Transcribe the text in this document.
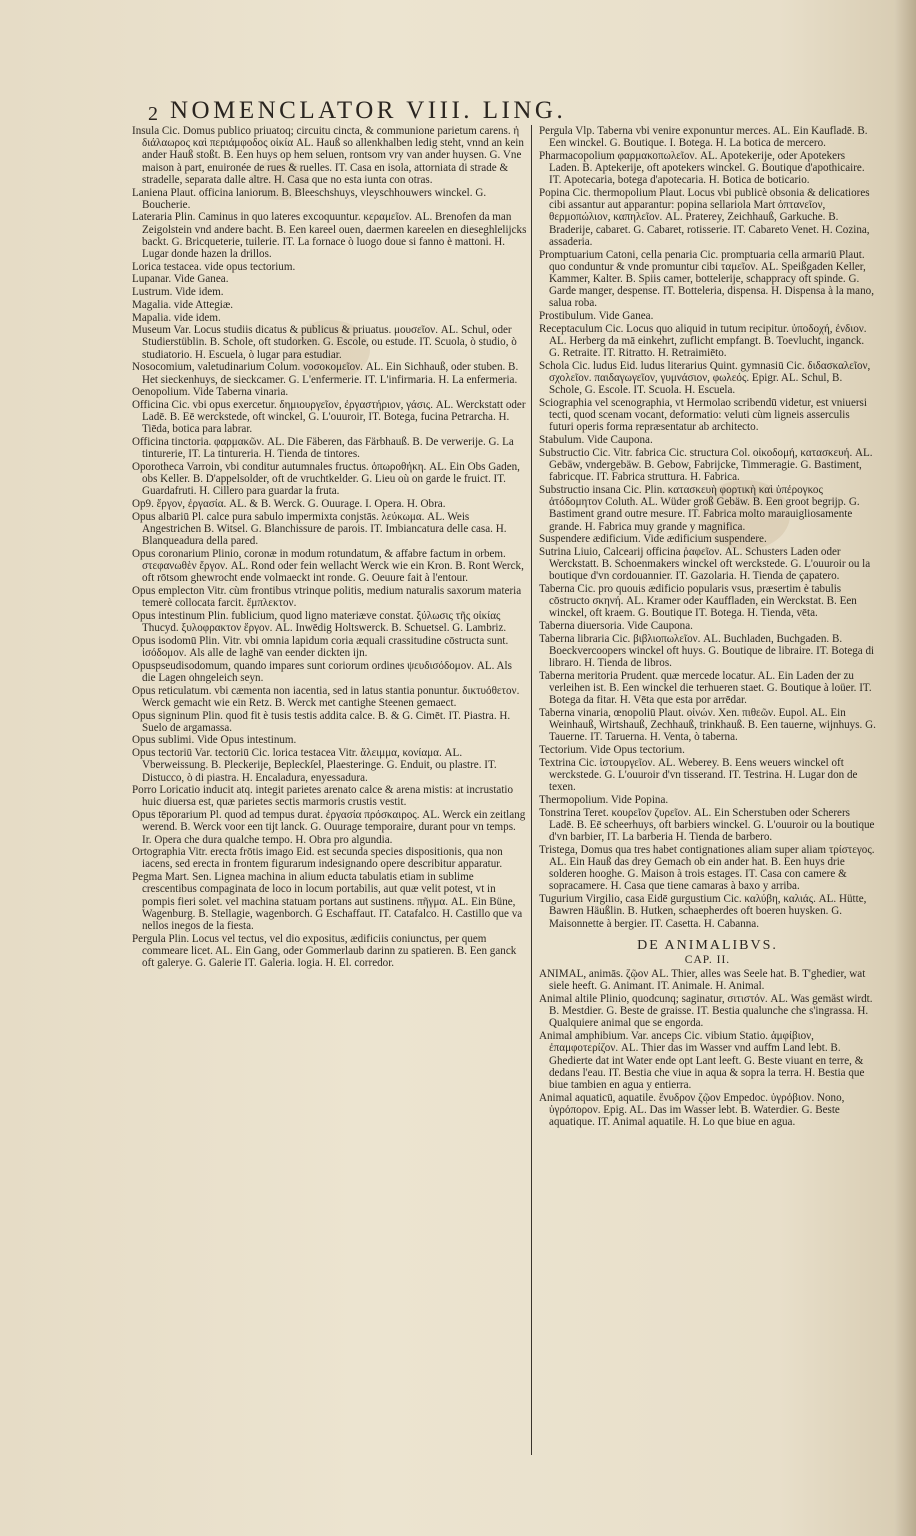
2 NOMENCLATOR VIII. LING.

Insula Cic. Domus publico priuatoq; circuitu cincta, & communione parietum carens. ἡ διάλαωρος καὶ περιάμφοδος οἰκία AL. Hauß so allenkhalben ledig steht, vnnd an kein ander Hauß stoßt. B. Een huys op hem seluen, rontsom vry van ander huysen. G. Vne maison à part, enuironée de rues & ruelles. IT. Casa en isola, attorniata di strade & stradelle, separata dalle altre. H. Casa que no esta iunta con otras.

Laniena Plaut. officina laniorum. B. Bleeschshuys, vleyschhouwers winckel. G. Boucherie.

Lateraria Plin. Caminus in quo lateres excoquuntur. κεραμεῖον. AL. Brenofen da man Zeigolstein vnd andere bacht. B. Een kareel ouen, daermen kareelen en dieseghlelijcks backt. G. Bricqueterie, tuilerie. IT. La fornace ò luogo doue si fanno è mattoni. H. Lugar donde hazen la drillos.

Lorica testacea. vide opus tectorium.

Lupanar. Vide Ganea.

Lustrum. Vide idem.

Magalia. vide Attegiæ.

Mapalia. vide idem.

Museum Var. Locus studiis dicatus & publicus & priuatus. μουσεῖον. AL. Schul, oder Studierstüblin. B. Schole, oft studorken. G. Escole, ou estude. IT. Scuola, ò studio, ò studiatorio. H. Escuela, ò lugar para estudiar.

Nosocomium, valetudinarium Colum. νοσοκομεῖον. AL. Ein Sichhauß, oder stuben. B. Het sieckenhuys, de sieckcamer. G. L'enfermerie. IT. L'infirmaria. H. La enfermeria.

Oenopolium. Vide Taberna vinaria.

Officina Cic. vbi opus exercetur. δημιουργεῖον, ἐργαστήριον, γάσις. AL. Werckstatt oder Ladē. B. Eē werckstede, oft winckel, G. L'ouuroir, IT. Botega, fucina Petrarcha. H. Tiēda, botica para labrar.

Officina tinctoria. φαρμακῶν. AL. Die Fäberen, das Färbhauß. B. De verwerije. G. La tinturerie, IT. La tintureria. H. Tienda de tintores.

Oporotheca Varroin, vbi conditur autumnales fructus. ὀπωροθήκη. AL. Ein Obs Gaden, obs Keller. B. D'appelsolder, oft de vruchtkelder. G. Lieu où on garde le fruict. IT. Guardafruti. H. Cillero para guardar la fruta.

Op9. ἔργον, ἐργασία. AL. & B. Werck. G. Ouurage. I. Opera. H. Obra.

Opus albariū Pl. calce pura sabulo impermixta conjstās. λεύκωμα. AL. Weis Angestrichen B. Witsel. G. Blanchissure de parois. IT. Imbiancatura delle casa. H. Blanqueadura della pared.

Opus coronarium Plinio, coronæ in modum rotundatum, & affabre factum in orbem. στεφανωθὲν ἔργον. AL. Rond oder fein wellacht Werck wie ein Kron. B. Ront Werck, oft rōtsom ghewrocht ende volmaeckt int ronde. G. Oeuure fait à l'entour.

Opus emplecton Vitr. cùm frontibus vtrinque politis, medium naturalis saxorum materia temerè collocata farcit. ἔμπλεκτον.

Opus intestinum Plin. fublicium, quod ligno materiæve constat. ξύλωσις τῆς οἰκίας Thucyd. ξυλοφρακτον ἔργον. AL. Inwēdig Holtswerck. B. Schuetsel. G. Lambriz.

Opus isodomū Plin. Vitr. vbi omnia lapidum coria æquali crassitudine cōstructa sunt. ἰσόδομον. Als alle de laghē van eender dickten ijn.

Opuspseudisodomum, quando impares sunt coriorum ordines ψευδισόδομον. AL. Als die Lagen ohngeleich seyn.

Opus reticulatum. vbi cæmenta non iacentia, sed in latus stantia ponuntur. δικτυόθετον. Werck gemacht wie ein Retz. B. Werck met cantighe Steenen gemaect.

Opus signinum Plin. quod fit è tusis testis addita calce. B. & G. Cimēt. IT. Piastra. H. Suelo de argamassa.

Opus sublimi. Vide Opus intestinum.

Opus tectoriū Var. tectoriū Cic. lorica testacea Vitr. ἄλειμμα, κονίαμα. AL. Vberweissung. B. Pleckerije, Bepleckſel, Plaesteringe. G. Enduit, ou plastre. IT. Distucco, ò di piastra. H. Encaladura, enyessadura.

Porro Loricatio inducit atq. integit parietes arenato calce & arena mistis: at incrustatio huic diuersa est, quæ parietes sectis marmoris crustis vestit.

Opus tēporarium Pl. quod ad tempus durat. ἐργασία πρόσκαιρος. AL. Werck ein zeitlang werend. B. Werck voor een tijt lanck. G. Ouurage temporaire, durant pour vn temps. Ir. Opera che dura qualche tempo. H. Obra pro algundia.

Ortographia Vitr. erecta frōtis imago Eid. est secunda species dispositionis, qua non iacens, sed erecta in frontem figurarum indesignando opere describitur apparatur.

Pegma Mart. Sen. Lignea machina in alium educta tabulatis etiam in sublime crescentibus compaginata de loco in locum portabilis, aut quæ velit potest, vt in pompis fieri solet. vel machina statuam portans aut sustinens. πῆγμα. AL. Ein Büne, Wagenburg. B. Stellagie, wagenborch. G Eschaffaut. IT. Catafalco. H. Castillo que va nellos inegos de la fiesta.

Pergula Plin. Locus vel tectus, vel dio expositus, ædificiis coniunctus, per quem commeare licet. AL. Ein Gang, oder Gommerlaub darinn zu spatieren. B. Een ganck oft galerye. G. Galerie IT. Galeria. logia. H. El. corredor.

Pergula Vlp. Taberna vbi venire exponuntur merces. AL. Ein Kaufladē. B. Een winckel. G. Boutique. I. Botega. H. La botica de mercero.

Pharmacopolium φαρμακοπωλεῖον. AL. Apotekerije, oder Apotekers Laden. B. Aptekerije, oft apotekers winckel. G. Boutique d'apothicaire. IT. Apotecaria, botega d'apotecaria. H. Botica de boticario.

Popina Cic. thermopolium Plaut. Locus vbi publicè obsonia & delicatiores cibi assantur aut apparantur: popina sellariola Mart ὀπτανεῖον, θερμοπώλιον, καπηλεῖον. AL. Praterey, Zeichhauß, Garkuche. B. Braderije, cabaret. G. Cabaret, rotisserie. IT. Cabareto Venet. H. Cozina, assaderia.

Promptuarium Catoni, cella penaria Cic. promptuaria cella armariū Plaut. quo conduntur & vnde promuntur cibi ταμεῖον. AL. Speißgaden Keller, Kammer, Kalter. B. Spiis camer, bottelerije, schappracy oft spinde. G. Garde manger, despense. IT. Botteleria, dispensa. H. Dispensa à la mano, salua roba.

Prostibulum. Vide Ganea.

Receptaculum Cic. Locus quo aliquid in tutum recipitur. ὑποδοχή, ἐνδιον. AL. Herberg da mā einkehrt, zuflicht empfangt. B. Toevlucht, inganck. G. Retraite. IT. Ritratto. H. Retraimiēto.

Schola Cic. ludus Eid. ludus literarius Quint. gymnasiū Cic. διδασκαλεῖον, σχολεῖον. παιδαγωγεῖον, γυμνάσιον, φωλεός. Epigr. AL. Schul, B. Schole, G. Escole. IT. Scuola. H. Escuela.

Sciographia vel scenographia, vt Hermolao scribendū videtur, est vniuersi tecti, quod scenam vocant, deformatio: veluti cùm ligneis asserculis futuri operis forma repræsentatur ab architecto.

Stabulum. Vide Caupona.

Substructio Cic. Vitr. fabrica Cic. structura Col. οἰκοδομή, κατασκευή. AL. Gebäw, vndergebäw. B. Gebow, Fabrijcke, Timmeragie. G. Bastiment, fabricque. IT. Fabrica struttura. H. Fabrica.

Substructio insana Cic. Plin. κατασκευὴ φορτικὴ καὶ ὑπέρογκος ἀτόδομητον Coluth. AL. Wüder groß Gebäw. B. Een groot begrijp. G. Bastiment grand outre mesure. IT. Fabrica molto marauigliosamente grande. H. Fabrica muy grande y magnifica.

Suspendere ædificium. Vide ædificium suspendere.

Sutrina Liuio, Calcearij officina ῥαφεῖον. AL. Schusters Laden oder Werckstatt. B. Schoenmakers winckel oft werckstede. G. L'ouuroir ou la boutique d'vn cordouannier. IT. Gazolaria. H. Tienda de çapatero.

Taberna Cic. pro quouis ædificio popularis vsus, præsertim è tabulis cōstructo σκηνή. AL. Kramer oder Kauffladen, ein Werckstat. B. Een winckel, oft kraem. G. Boutique IT. Botega. H. Tienda, vēta.

Taberna diuersoria. Vide Caupona.

Taberna libraria Cic. βιβλιοπωλεῖον. AL. Buchladen, Buchgaden. B. Boeckvercoopers winckel oft huys. G. Boutique de libraire. IT. Botega di libraro. H. Tienda de libros.

Taberna meritoria Prudent. quæ mercede locatur. AL. Ein Laden der zu verleihen ist. B. Een winckel die terhueren staet. G. Boutique à loüer. IT. Botega da fitar. H. Vēta que esta por arrēdar.

Taberna vinaria, œnopoliū Plaut. οἰνών. Xen. πιθεῶν. Eupol. AL. Ein Weinhauß, Wirtshauß, Zechhauß, trinkhauß. B. Een tauerne, wijnhuys. G. Tauerne. IT. Taruerna. H. Venta, ò taberna.

Tectorium. Vide Opus tectorium.

Textrina Cic. ἱστουργεῖον. AL. Weberey. B. Eens weuers winckel oft werckstede. G. L'ouuroir d'vn tisserand. IT. Testrina. H. Lugar don de texen.

Thermopolium. Vide Popina.

Tonstrina Teret. κουρεῖον ζυρεῖον. AL. Ein Scherstuben oder Scherers Ladē. B. Eē scheerhuys, oft barbiers winckel. G. L'ouuroir ou la boutique d'vn barbier, IT. La barberia H. Tienda de barbero.

Tristega, Domus qua tres habet contignationes aliam super aliam τρίστεγος. AL. Ein Hauß das drey Gemach ob ein ander hat. B. Een huys drie solderen hooghe. G. Maison à trois estages. IT. Casa con camere & sopracamere. H. Casa que tiene camaras à baxo y arriba.

Tugurium Virgilio, casa Eidē gurgustium Cic. καλύβη, καλιάς. AL. Hütte, Bawren Häußlin. B. Hutken, schaepherdes oft boeren huysken. G. Maisonnette à bergier. IT. Casetta. H. Cabanna.

DE ANIMALIBVS.
CAP. II.

ANIMAL, animās. ζῷον AL. Thier, alles was Seele hat. B. T'ghedier, wat siele heeft. G. Animant. IT. Animale. H. Animal.

Animal altile Plinio, quodcunq; saginatur, σιτιστόν. AL. Was gemäst wirdt. B. Mestdier. G. Beste de graisse. IT. Bestia qualunche che s'ingrassa. H. Qualquiere animal que se engorda.

Animal amphibium. Var. anceps Cic. vibium Statio. ἀμφίβιον, ἐπαμφοτερίζον. AL. Thier das im Wasser vnd auffm Land lebt. B. Ghedierte dat int Water ende opt Lant leeft. G. Beste viuant en terre, & dedans l'eau. IT. Bestia che viue in aqua & sopra la terra. H. Bestia que biue tambien en agua y entierra.

Animal aquaticū, aquatile. ἔνυδρον ζῷον Empedoc. ὑγρόβιον. Nono, ὑγρόπορον. Epig. AL. Das im Wasser lebt. B. Waterdier. G. Beste aquatique. IT. Animal aquatile. H. Lo que biue en agua.
